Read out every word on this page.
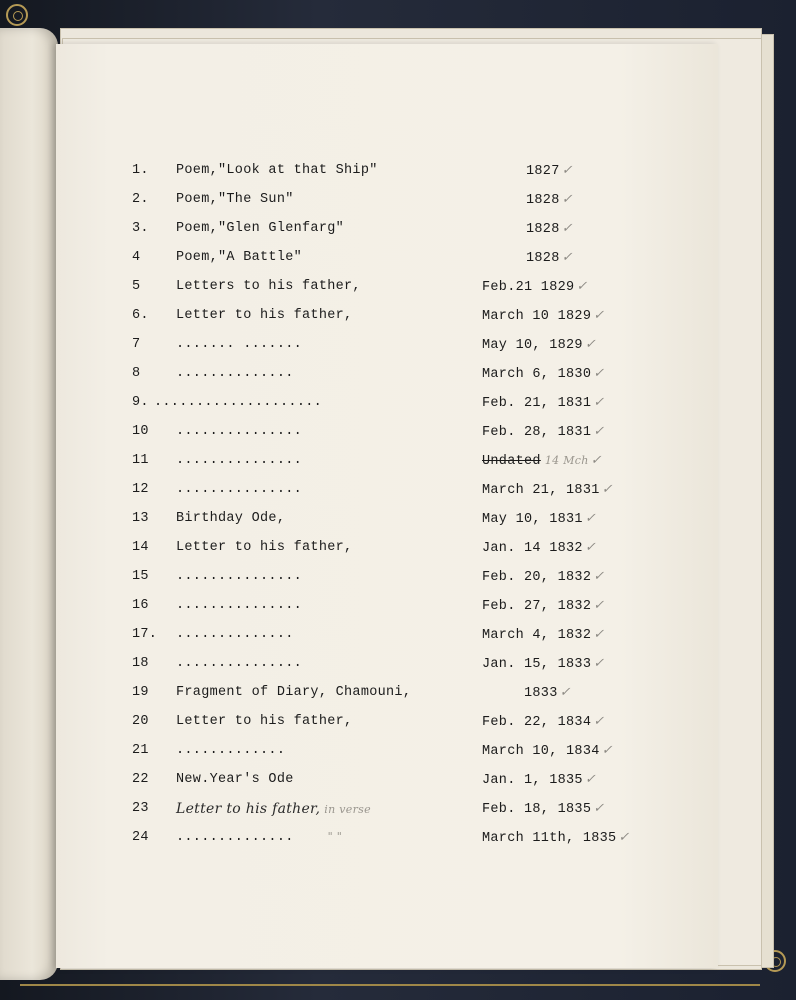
1. Poem,"Look at that Ship"	1827 ✓
2. Poem,"The Sun"	1828 ✓
3. Poem,"Glen Glenfarg"	1828 ✓
4	Poem,"A Battle"	1828 ✓
5	Letters to his father,	Feb.21 1829 ✓
6. Letter to his father,	March 10 1829 ✓
7	....... .......	May 10, 1829 ✓
8	..............	March 6, 1830 ✓
9. ....................	Feb. 21, 1831 ✓
10 ...............	Feb. 28, 1831 ✓
11 ...............	Undated 14 Mch ✓
12 ...............	March 21, 1831 ✓
13 Birthday Ode,	May 10, 1831 ✓
14 Letter to his father,	Jan. 14 1832 ✓
15 ...............	Feb. 20, 1832 ✓
16 ...............	Feb. 27, 1832 ✓
17. ..............	March 4, 1832 ✓
18 ...............	Jan. 15, 1833 ✓
19 Fragment of Diary, Chamouni,	1833 ✓
20 Letter to his father,	Feb. 22, 1834 ✓
21 .............	March 10, 1834 ✓
22 New.Year's Ode	Jan. 1, 1835 ✓
23 Letter to his father, in verse	Feb. 18, 1835 ✓
24 ..............	" "	March 11th, 1835 ✓
